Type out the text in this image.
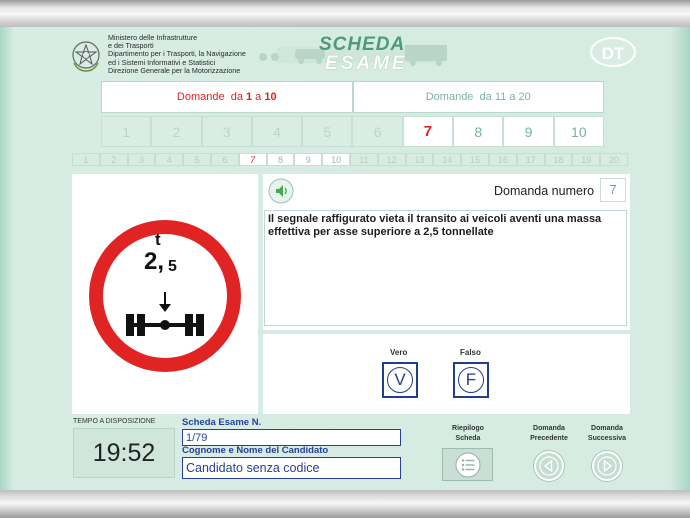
Ministero delle Infrastrutture
e dei Trasporti
Dipartimento per i Trasporti, la Navigazione
ed i Sistemi Informativi e Statistici
Direzione Generale per la Motorizzazione
SCHEDA
ESAME	DT
Domande  da 1 a 10	Domande  da 11 a 20
1	2	3	4	5	6	7	8	9	10
1	2	3	4	5	6	7	8	9	10	11	12	13	14	15	16	17	18	19	20
t
2, 5
Domanda numero	7
Il segnale raffigurato vieta il transito ai veicoli aventi una massa effettiva per asse superiore a 2,5 tonnellate
Vero	Falso
V	F
TEMPO A DISPOSIZIONE
19:52
Scheda Esame N.
1/79
Cognome e Nome del Candidato
Candidato senza codice
Riepilogo
Scheda
Domanda
Precedente
Domanda
Successiva
